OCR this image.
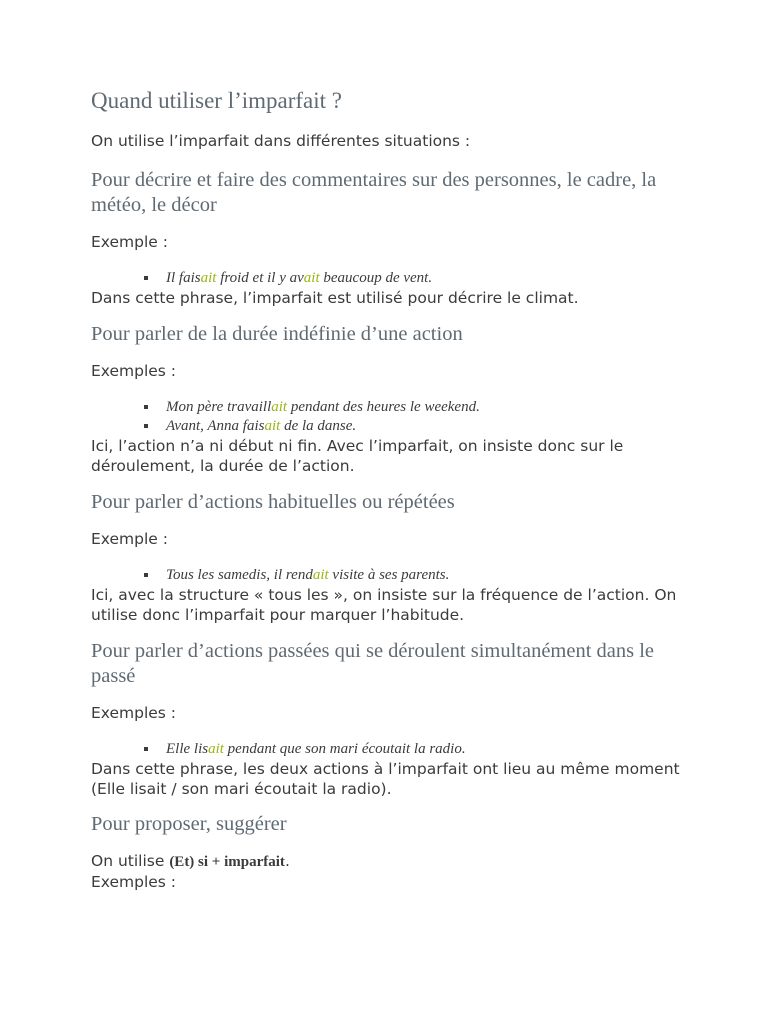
Quand utiliser l’imparfait ?

On utilise l’imparfait dans différentes situations :

Pour décrire et faire des commentaires sur des personnes, le cadre, la météo, le décor

Exemple :

Il faisait froid et il y avait beaucoup de vent.

Dans cette phrase, l’imparfait est utilisé pour décrire le climat.

Pour parler de la durée indéfinie d’une action

Exemples :

Mon père travaillait pendant des heures le weekend.
Avant, Anna faisait de la danse.

Ici, l’action n’a ni début ni fin. Avec l’imparfait, on insiste donc sur le déroulement, la durée de l’action.

Pour parler d’actions habituelles ou répétées

Exemple :

Tous les samedis, il rendait visite à ses parents.

Ici, avec la structure « tous les », on insiste sur la fréquence de l’action. On utilise donc l’imparfait pour marquer l’habitude.

Pour parler d’actions passées qui se déroulent simultanément dans le passé

Exemples :

Elle lisait pendant que son mari écoutait la radio.

Dans cette phrase, les deux actions à l’imparfait ont lieu au même moment (Elle lisait / son mari écoutait la radio).

Pour proposer, suggérer

On utilise (Et) si + imparfait.

Exemples :
